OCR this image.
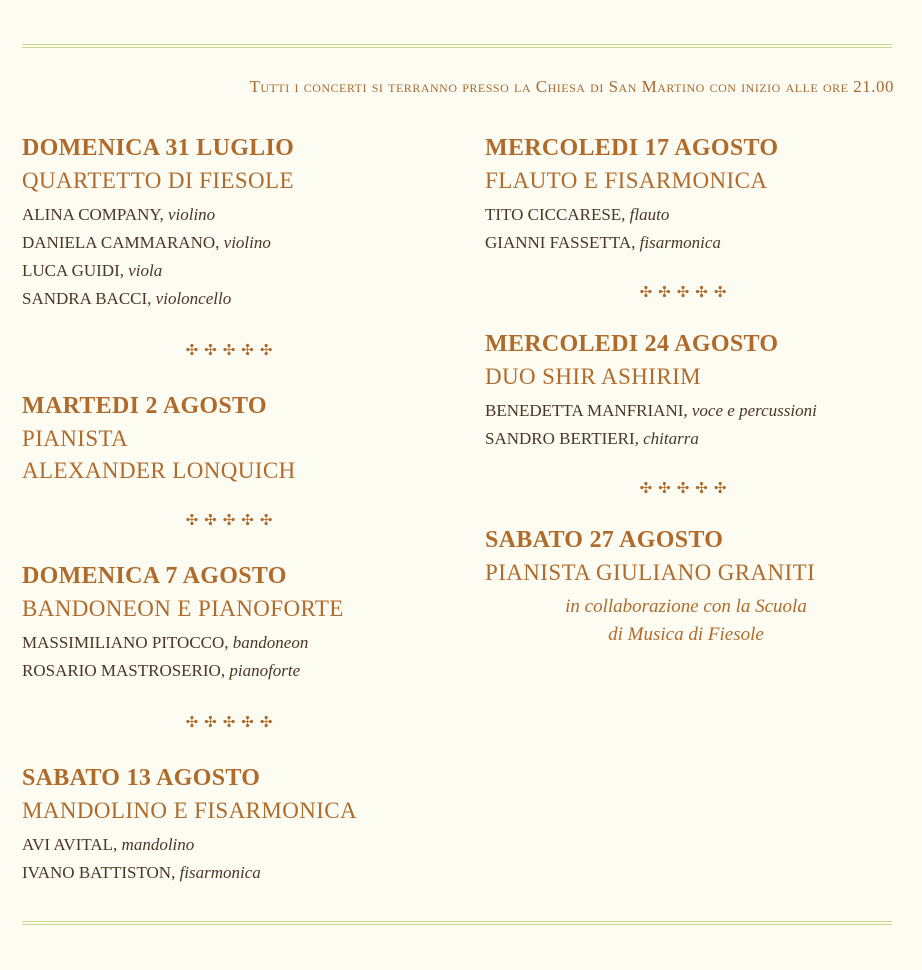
Tutti i concerti si terranno presso la Chiesa di San Martino con inizio alle ore 21.00
DOMENICA 31 LUGLIO
QUARTETTO DI FIESOLE
ALINA COMPANY, violino
DANIELA CAMMARANO, violino
LUCA GUIDI, viola
SANDRA BACCI, violoncello
✣✣✣✣✣
MARTEDI 2 AGOSTO
PIANISTA
ALEXANDER LONQUICH
✣✣✣✣✣
DOMENICA 7 AGOSTO
BANDONEON E PIANOFORTE
MASSIMILIANO PITOCCO, bandoneon
ROSARIO MASTROSERIO, pianoforte
✣✣✣✣✣
SABATO 13 AGOSTO
MANDOLINO E FISARMONICA
AVI AVITAL, mandolino
IVANO BATTISTON, fisarmonica
MERCOLEDI 17 AGOSTO
FLAUTO E FISARMONICA
TITO CICCARESE, flauto
GIANNI FASSETTA, fisarmonica
✣✣✣✣✣
MERCOLEDI 24 AGOSTO
DUO SHIR ASHIRIM
BENEDETTA MANFRIANI, voce e percussioni
SANDRO BERTIERI, chitarra
✣✣✣✣✣
SABATO 27 AGOSTO
PIANISTA GIULIANO GRANITI
in collaborazione con la Scuola
di Musica di Fiesole
